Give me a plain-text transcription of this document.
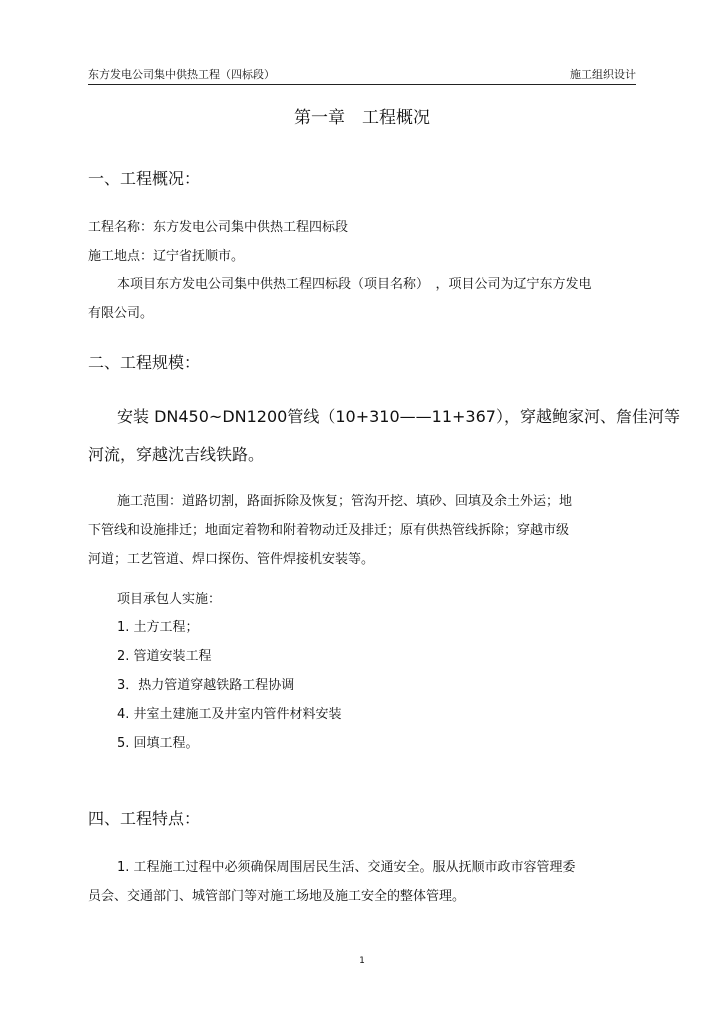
东方发电公司集中供热工程（四标段）	施工组织设计
第一章　工程概况
一、工程概况：
工程名称：东方发电公司集中供热工程四标段
施工地点：辽宁省抚顺市。
本项目东方发电公司集中供热工程四标段（项目名称）　，项目公司为辽宁东方发电
有限公司。
二、工程规模：
安装 DN450~DN1200管线（10+310——11+367），穿越鲍家河、詹佳河等
河流，穿越沈吉线铁路。
施工范围：道路切割，路面拆除及恢复；管沟开挖、填砂、回填及余土外运；地
下管线和设施排迁；地面定着物和附着物动迁及排迁；原有供热管线拆除；穿越市级
河道；工艺管道、焊口探伤、管件焊接机安装等。
项目承包人实施：
1. 土方工程；
2. 管道安装工程
3．热力管道穿越铁路工程协调
4. 井室土建施工及井室内管件材料安装
5. 回填工程。
四、工程特点：
1. 工程施工过程中必须确保周围居民生活、交通安全。服从抚顺市政市容管理委
员会、交通部门、城管部门等对施工场地及施工安全的整体管理。
1
